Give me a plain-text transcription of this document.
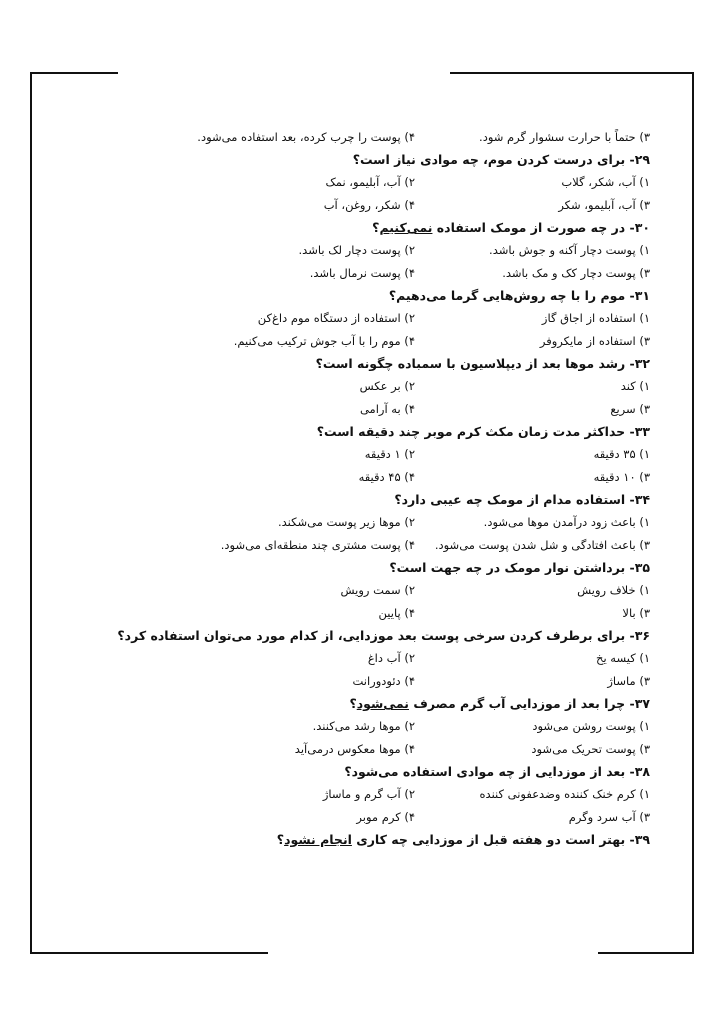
۳) حتماً با حرارت سشوار گرم شود.
۴) پوست را چرب کرده، بعد استفاده می‌شود.
۲۹- برای درست کردن موم، چه موادی نیاز است؟
۱) آب، شکر، گلاب
۲) آب، آبلیمو، نمک
۳) آب، آبلیمو، شکر
۴) شکر، روغن، آب
۳۰- در چه صورت از مومک استفاده نمی‌کنیم؟
۱) پوست دچار آکنه و جوش باشد.
۲) پوست دچار لک باشد.
۳) پوست دچار کک و مک باشد.
۴) پوست نرمال باشد.
۳۱- موم را با چه روش‌هایی گرما می‌دهیم؟
۱) استفاده از اجاق گاز
۲) استفاده از دستگاه موم داغ‌کن
۳) استفاده از مایکروفر
۴) موم را با آب جوش ترکیب می‌کنیم.
۳۲- رشد موها بعد از دیپلاسیون با سمباده چگونه است؟
۱) کند
۲) بر عکس
۳) سریع
۴) به آرامی
۳۳- حداکثر مدت زمان مکث کرم موبر چند دقیقه است؟
۱) ۳۵ دقیقه
۲) ۱ دقیقه
۳) ۱۰ دقیقه
۴) ۴۵ دقیقه
۳۴- استفاده مدام از مومک چه عیبی دارد؟
۱) باعث زود درآمدن موها می‌شود.
۲) موها زیر پوست می‌شکند.
۳) باعث افتادگی و شل شدن پوست می‌شود.
۴) پوست مشتری چند منطقه‌ای می‌شود.
۳۵- برداشتن نوار مومک در چه جهت است؟
۱) خلاف رویش
۲) سمت رویش
۳) بالا
۴) پایین
۳۶- برای برطرف کردن سرخی پوست بعد موزدایی، از کدام مورد می‌توان استفاده کرد؟
۱) کیسه یخ
۲) آب داغ
۳) ماساژ
۴) دئودورانت
۳۷- چرا بعد از موزدایی آب گرم مصرف نمی‌شود؟
۱) پوست روشن می‌شود
۲) موها رشد می‌کنند.
۳) پوست تحریک می‌شود
۴) موها معکوس درمی‌آید
۳۸- بعد از موزدایی از چه موادی استفاده می‌شود؟
۱) کرم خنک کننده وضدعفونی کننده
۲) آب گرم و ماساژ
۳) آب سرد وگرم
۴) کرم موبر
۳۹- بهتر است دو هفته قبل از موزدایی چه کاری انجام نشود؟
